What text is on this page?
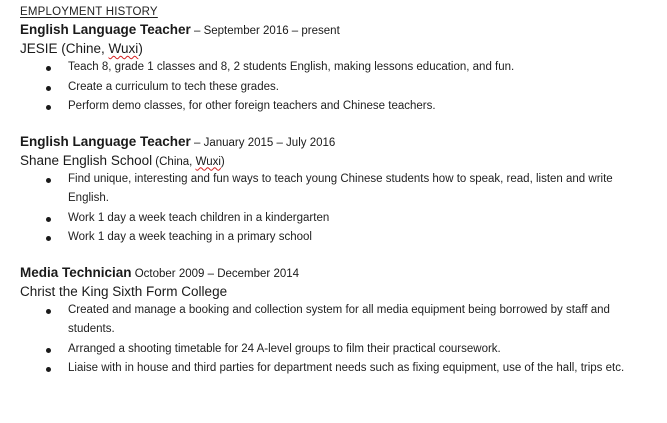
EMPLOYMENT HISTORY
English Language Teacher – September 2016 – present
JESIE (Chine, Wuxi)
Teach 8, grade 1 classes and 8, 2 students English, making lessons education, and fun.
Create a curriculum to tech these grades.
Perform demo classes, for other foreign teachers and Chinese teachers.
English Language Teacher – January 2015 – July 2016
Shane English School (China, Wuxi)
Find unique, interesting and fun ways to teach young Chinese students how to speak, read, listen and write English.
Work 1 day a week teach children in a kindergarten
Work 1 day a week teaching in a primary school
Media Technician October 2009 – December 2014
Christ the King Sixth Form College
Created and manage a booking and collection system for all media equipment being borrowed by staff and students.
Arranged a shooting timetable for 24 A-level groups to film their practical coursework.
Liaise with in house and third parties for department needs such as fixing equipment, use of the hall, trips etc.
